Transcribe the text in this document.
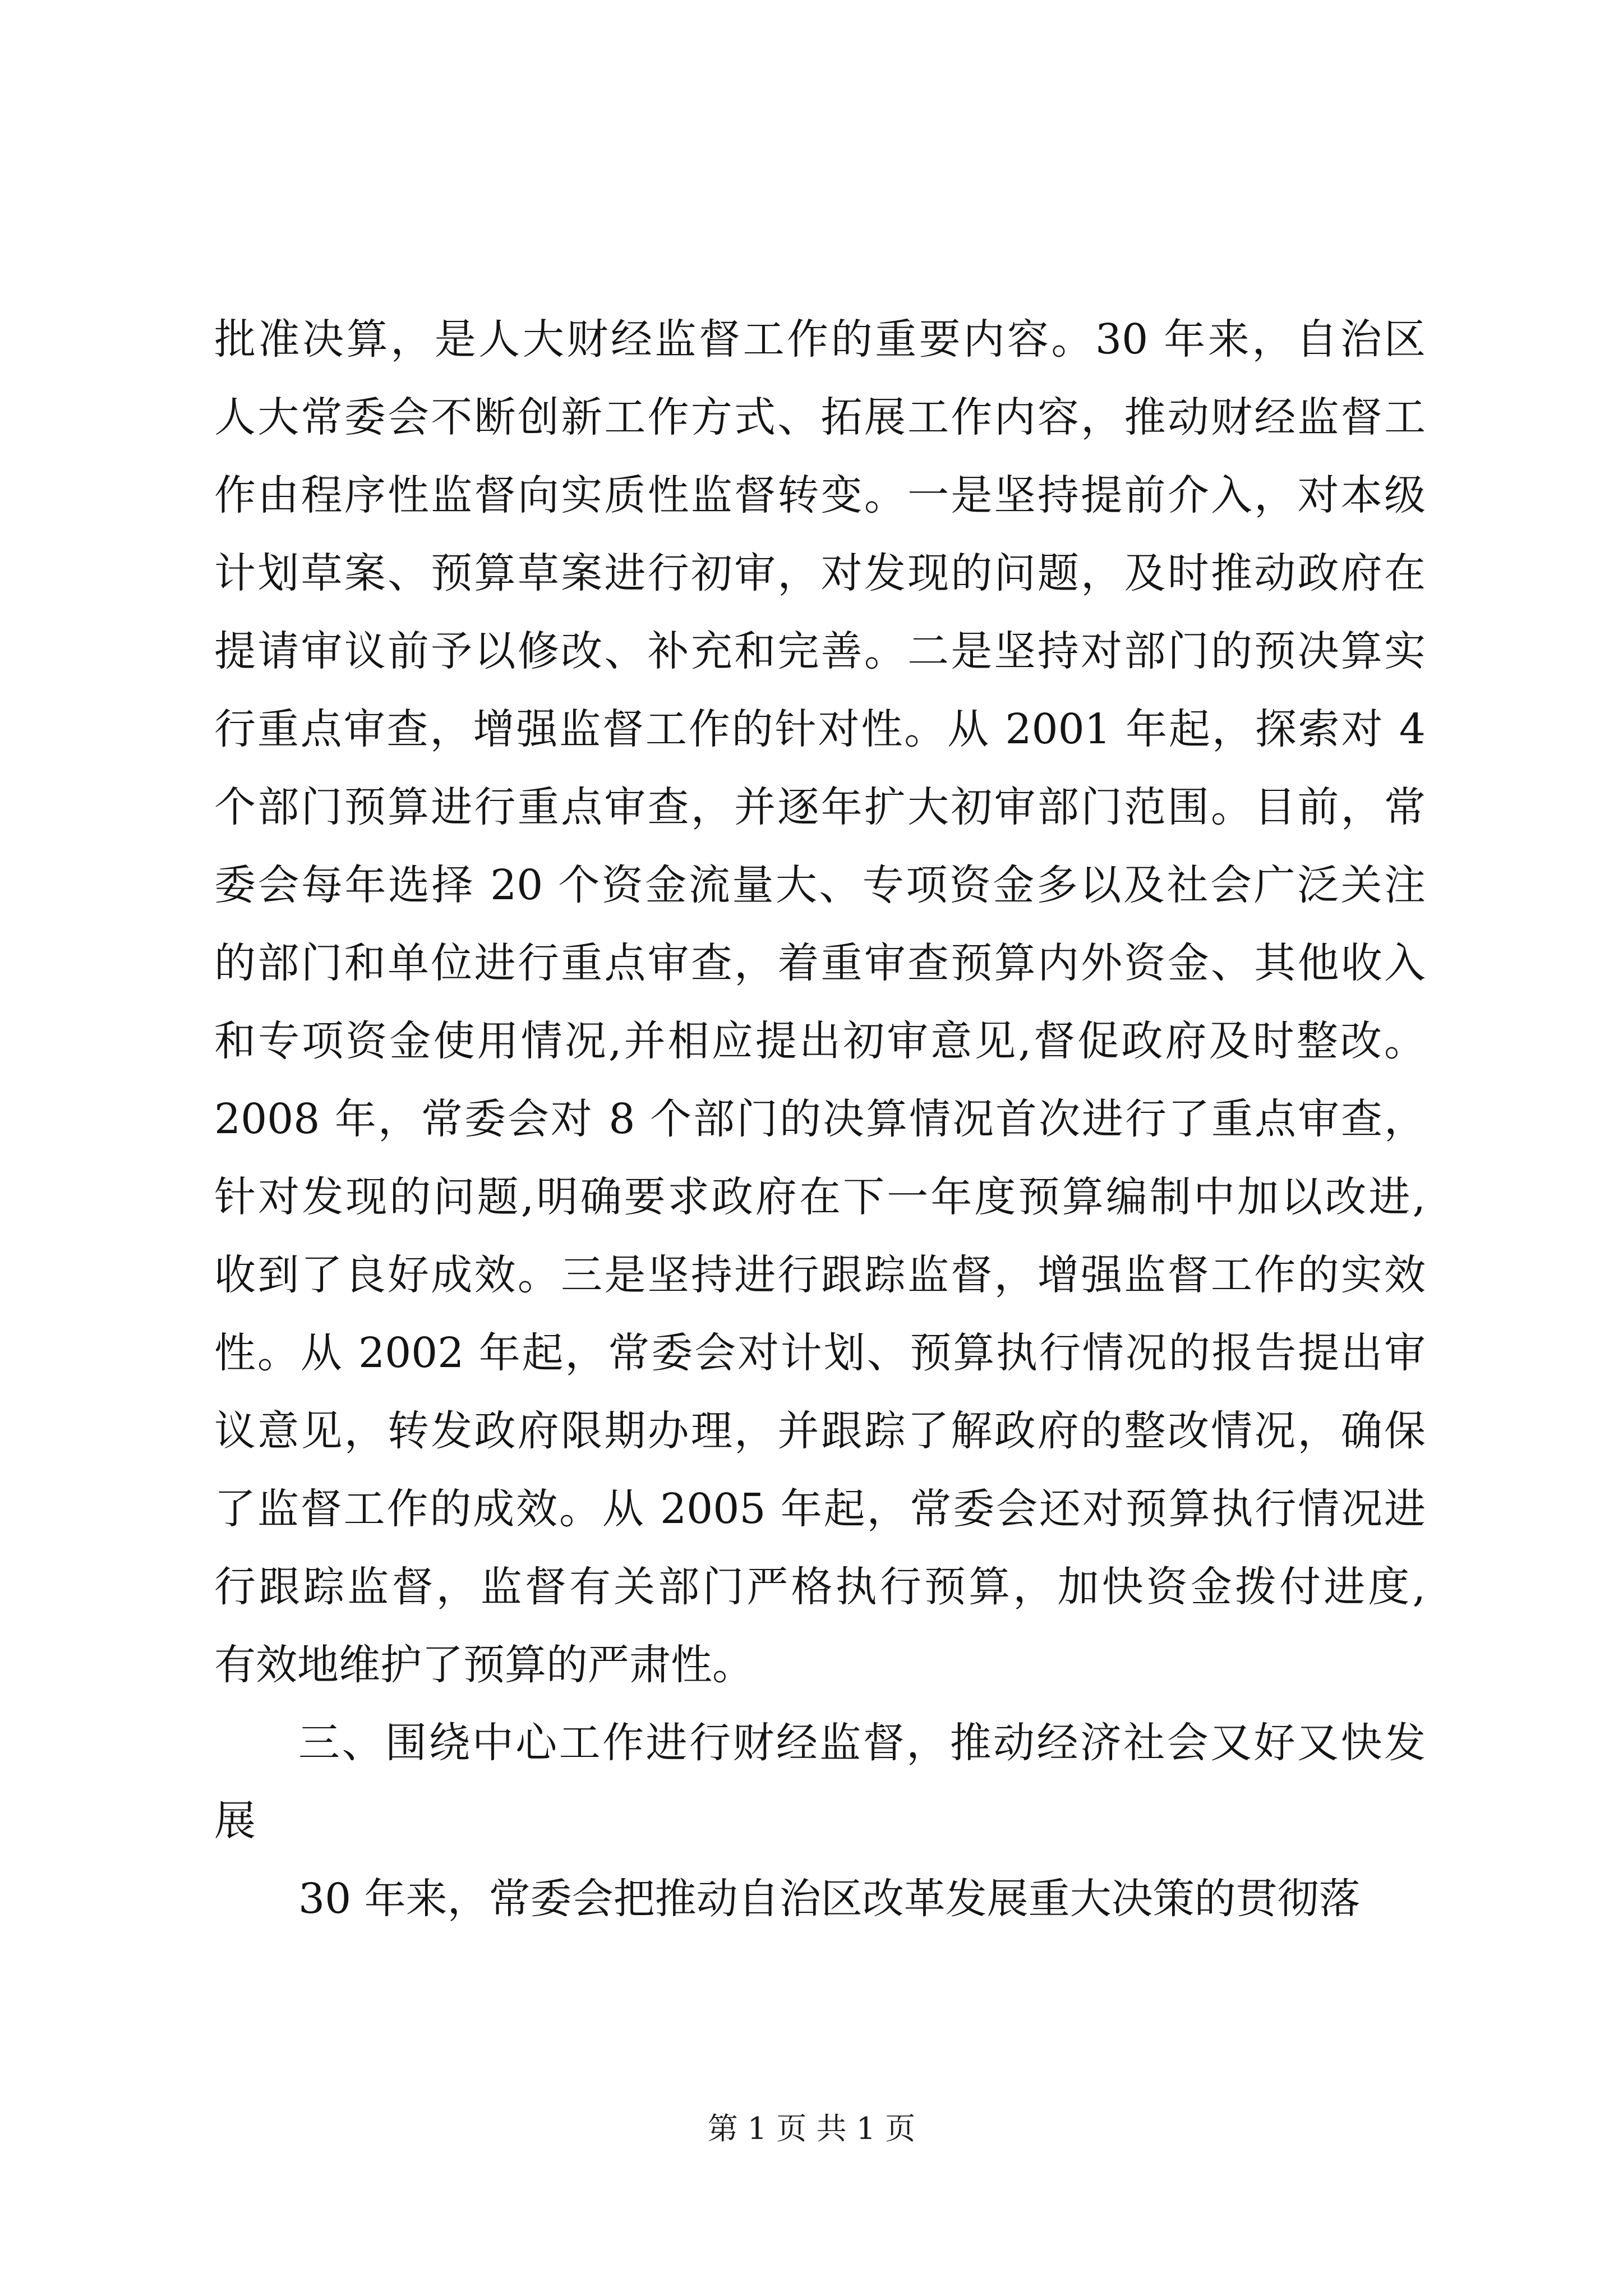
批准决算，是人大财经监督工作的重要内容。30 年来，自治区
人大常委会不断创新工作方式、拓展工作内容，推动财经监督工
作由程序性监督向实质性监督转变。一是坚持提前介入，对本级
计划草案、预算草案进行初审，对发现的问题，及时推动政府在
提请审议前予以修改、补充和完善。二是坚持对部门的预决算实
行重点审查，增强监督工作的针对性。从 2001 年起，探索对 4
个部门预算进行重点审查，并逐年扩大初审部门范围。目前，常
委会每年选择 20 个资金流量大、专项资金多以及社会广泛关注
的部门和单位进行重点审查，着重审查预算内外资金、其他收入
和专项资金使用情况,并相应提出初审意见,督促政府及时整改。
2008 年，常委会对 8 个部门的决算情况首次进行了重点审查，
针对发现的问题,明确要求政府在下一年度预算编制中加以改进,
收到了良好成效。三是坚持进行跟踪监督，增强监督工作的实效
性。从 2002 年起，常委会对计划、预算执行情况的报告提出审
议意见，转发政府限期办理，并跟踪了解政府的整改情况，确保
了监督工作的成效。从 2005 年起，常委会还对预算执行情况进
行跟踪监督，监督有关部门严格执行预算，加快资金拨付进度,
有效地维护了预算的严肃性。
三、围绕中心工作进行财经监督，推动经济社会又好又快发
展
30 年来，常委会把推动自治区改革发展重大决策的贯彻落
第 1 页 共 1 页
